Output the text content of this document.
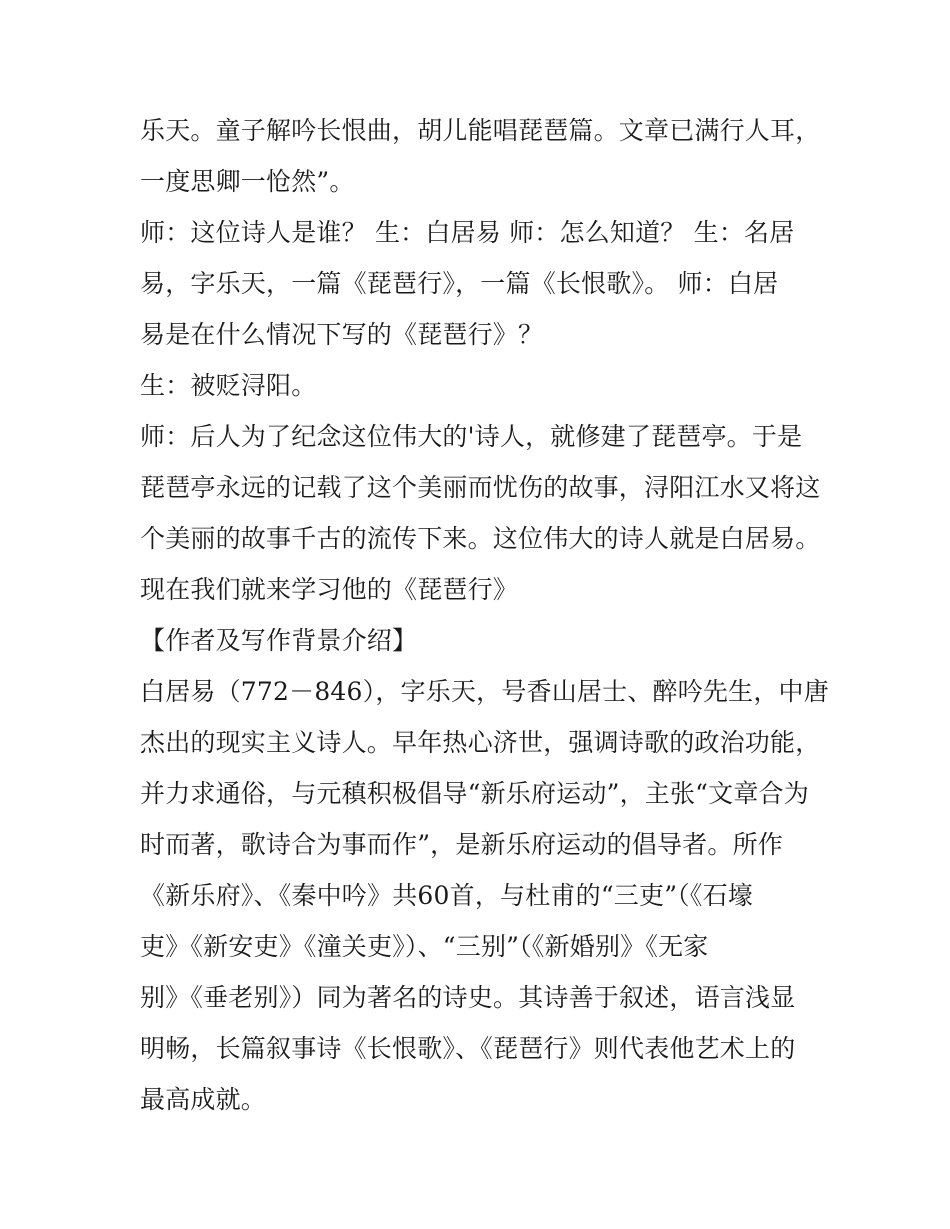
乐天。童子解吟长恨曲，胡儿能唱琵琶篇。文章已满行人耳，
一度思卿一怆然”。
师：这位诗人是谁？ 生：白居易 师：怎么知道？ 生：名居
易，字乐天，一篇《琵琶行》，一篇《长恨歌》。 师：白居
易是在什么情况下写的《琵琶行》？
生：被贬浔阳。
师：后人为了纪念这位伟大的'诗人，就修建了琵琶亭。于是
琵琶亭永远的记载了这个美丽而忧伤的故事，浔阳江水又将这
个美丽的故事千古的流传下来。这位伟大的诗人就是白居易。
现在我们就来学习他的《琵琶行》
【作者及写作背景介绍】
白居易（772－846），字乐天，号香山居士、醉吟先生，中唐
杰出的现实主义诗人。早年热心济世，强调诗歌的政治功能，
并力求通俗，与元稹积极倡导“新乐府运动”，主张“文章合为
时而著，歌诗合为事而作”，是新乐府运动的倡导者。所作
《新乐府》、《秦中吟》共60首，与杜甫的“三吏”（《石壕
吏》《新安吏》《潼关吏》）、“三别”（《新婚别》《无家
别》《垂老别》）同为著名的诗史。其诗善于叙述，语言浅显
明畅，长篇叙事诗《长恨歌》、《琵琶行》则代表他艺术上的
最高成就。
